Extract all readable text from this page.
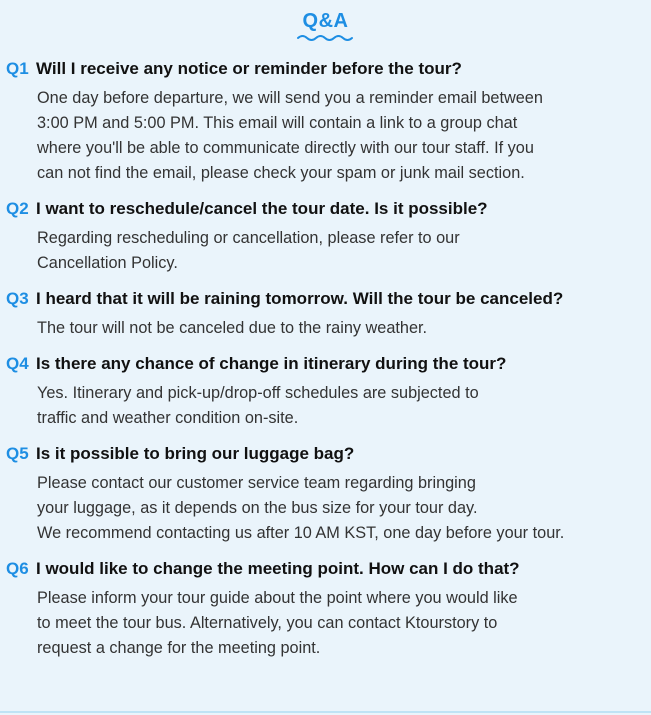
Q&A
Q1 Will I receive any notice or reminder before the tour?
One day before departure, we will send you a reminder email between
3:00 PM and 5:00 PM. This email will contain a link to a group chat
where you'll be able to communicate directly with our tour staff. If you
can not find the email, please check your spam or junk mail section.
Q2 I want to reschedule/cancel the tour date. Is it possible?
Regarding rescheduling or cancellation, please refer to our
Cancellation Policy.
Q3 I heard that it will be raining tomorrow. Will the tour be canceled?
The tour will not be canceled due to the rainy weather.
Q4 Is there any chance of change in itinerary during the tour?
Yes. Itinerary and pick-up/drop-off schedules are subjected to
traffic and weather condition on-site.
Q5 Is it possible to bring our luggage bag?
Please contact our customer service team regarding bringing
your luggage, as it depends on the bus size for your tour day.
We recommend contacting us after 10 AM KST, one day before your tour.
Q6 I would like to change the meeting point. How can I do that?
Please inform your tour guide about the point where you would like
to meet the tour bus. Alternatively, you can contact Ktourstory to
request a change for the meeting point.
